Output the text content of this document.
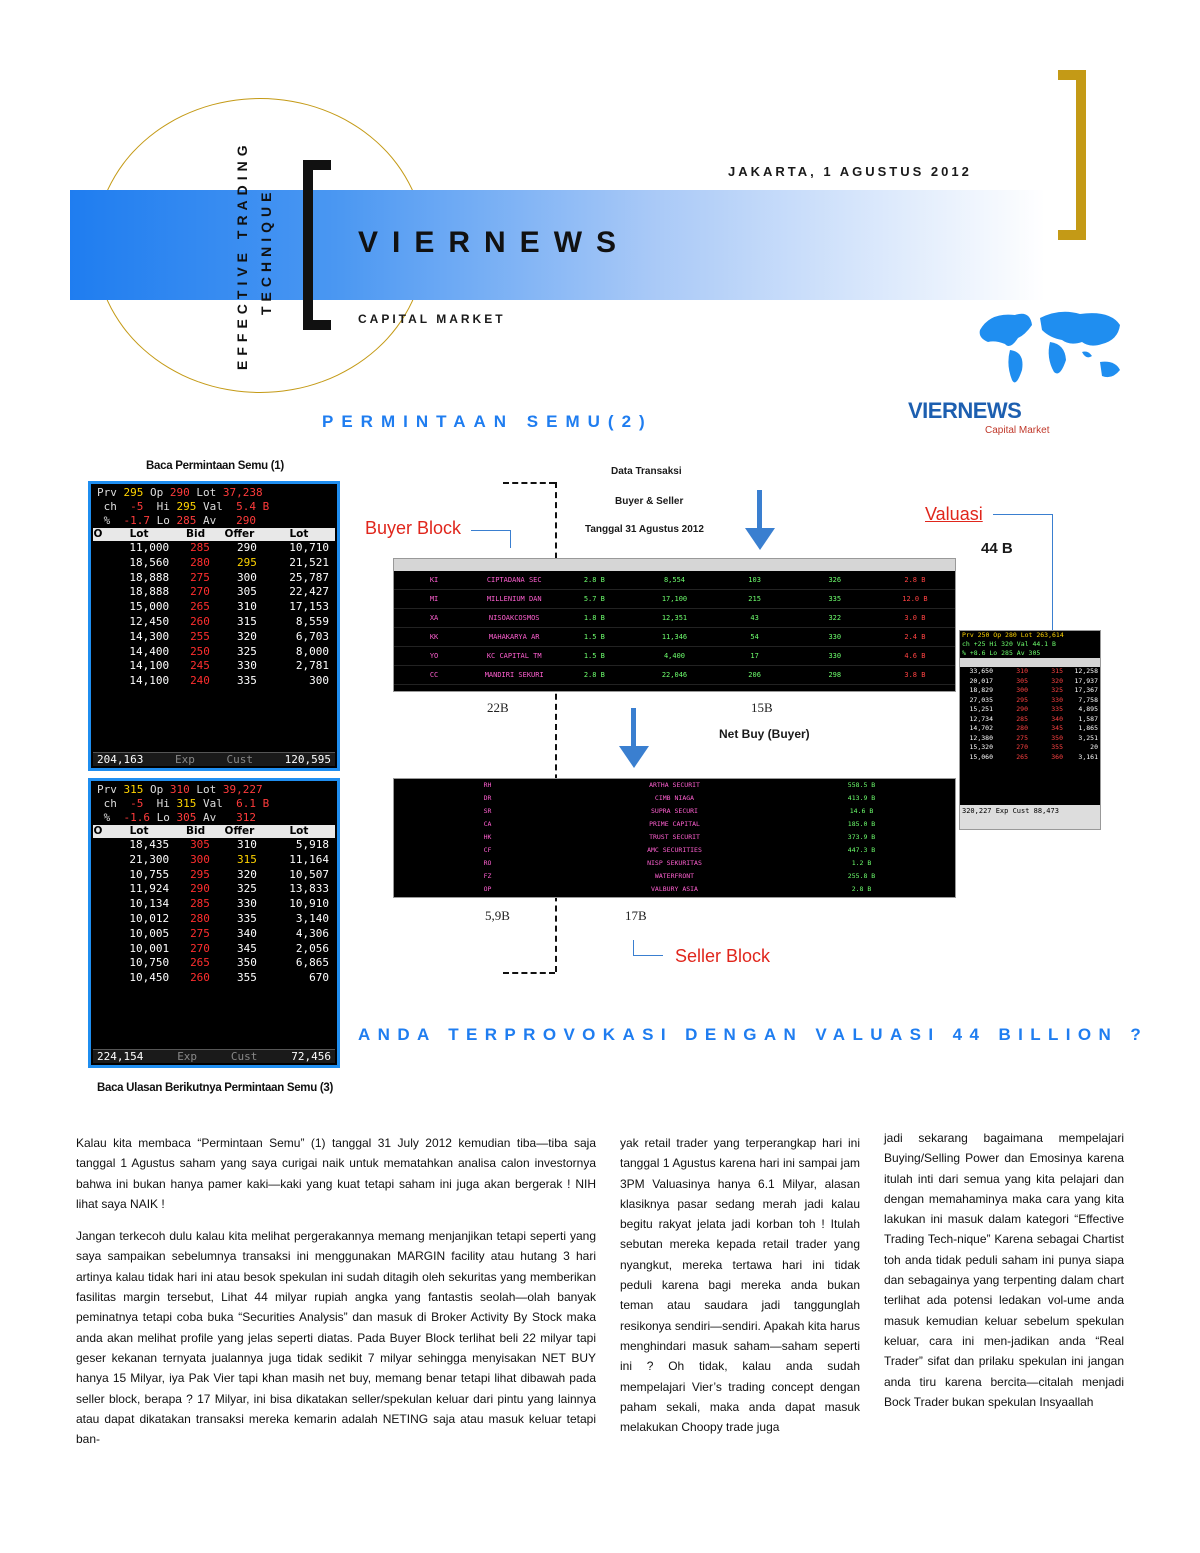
EFFECTIVE TRADING TECHNIQUE	VIERNEWS
CAPITAL MARKET
JAKARTA, 1 AGUSTUS 2012
VIERNEWS
Capital Market
PERMINTAAN SEMU(2)
ANDA TERPROVOKASI DENGAN VALUASI 44 BILLION ?
Baca Permintaan Semu (1)
Baca Ulasan Berikutnya Permintaan Semu (3)
Prv 295 Op 290 Lot 37,238
ch -5 Hi 295 Val 5.4 B
% -1.7 Lo 285 Av 290
O	Lot	Bid	Offer	Lot
	11,000	285	290	10,710
	18,560	280	295	21,521
	18,888	275	300	25,787
	18,888	270	305	22,427
	15,000	265	310	17,153
	12,450	260	315	8,559
	14,300	255	320	6,703
	14,400	250	325	8,000
	14,100	245	330	2,781
	14,100	240	335	300
204,163	Exp	Cust	120,595
Prv 315 Op 310 Lot 39,227
ch -5 Hi 315 Val 6.1 B
% -1.6 Lo 305 Av 312
O	Lot	Bid	Offer	Lot
	18,435	305	310	5,918
	21,300	300	315	11,164
	10,755	295	320	10,507
	11,924	290	325	13,833
	10,134	285	330	10,910
	10,012	280	335	3,140
	10,005	275	340	4,306
	10,001	270	345	2,056
	10,750	265	350	6,865
	10,450	260	355	670
224,154	Exp	Cust	72,456
Data Transaksi
Buyer & Seller
Tanggal 31 Agustus 2012
Buyer Block
Valuasi
44 B
KI	CIPTADANA SEC	2.8 B	8,554	103	326	2.8 B
MI	MILLENIUM DAN	5.7 B	17,100	215	335	12.0 B
XA	NISOAKCOSMOS	1.8 B	12,351	43	322	3.0 B
KK	MAHAKARYA AR	1.5 B	11,346	54	330	2.4 B
YO	KC CAPITAL TM	1.5 B	4,400	17	330	4.6 B
CC	MANDIRI SEKURI	2.8 B	22,046	206	298	3.8 B
22B	15B
Net Buy (Buyer)
RH	ARTHA SECURIT	558.5 B
DR	CIMB NIAGA	413.9 B
SR	SUPRA SECURI	14.6 B
CA	PRIME CAPITAL	185.0 B
HK	TRUST SECURIT	373.9 B
CF	AMC SECURITIES	447.3 B
RO	NISP SEKURITAS	1.2 B
FZ	WATERFRONT	255.8 B
OP	VALBURY ASIA	2.8 B
5,9B	17B
Seller Block
Prv 250 Op 280 Lot 263,614
ch +25 Hi 320 Val 44.1 B
% +8.6 Lo 285 Av 305
33,650	310	315	12,258
20,017	305	320	17,937
18,829	300	325	17,367
27,035	295	330	7,758
15,251	290	335	4,895
12,734	285	340	1,587
14,702	280	345	1,865
12,380	275	350	3,251
15,320	270	355	20
15,060	265	360	3,161
320,227 Exp Cust 88,473

Kalau kita membaca “Permintaan Semu” (1) tanggal 31 July 2012 kemudian tiba—tiba saja tanggal 1 Agustus saham yang saya curigai naik untuk mematahkan analisa calon investornya bahwa ini bukan hanya pamer kaki—kaki yang kuat tetapi saham ini juga akan bergerak ! NIH lihat saya NAIK !

Jangan terkecoh dulu kalau kita melihat pergerakannya memang menjanjikan tetapi seperti yang saya sampaikan sebelumnya transaksi ini menggunakan MARGIN facility atau hutang 3 hari artinya kalau tidak hari ini atau besok spekulan ini sudah ditagih oleh sekuritas yang memberikan fasilitas margin tersebut, Lihat 44 milyar rupiah angka yang fantastis seolah—olah banyak peminatnya tetapi coba buka “Securities Analysis” dan masuk di Broker Activity By Stock maka anda akan melihat profile yang jelas seperti diatas. Pada Buyer Block terlihat beli 22 milyar tapi geser kekanan ternyata jualannya juga tidak sedikit 7 milyar sehingga menyisakan NET BUY hanya 15 Milyar, iya Pak Vier tapi khan masih net buy, memang benar tetapi lihat dibawah pada seller block, berapa ? 17 Milyar, ini bisa dikatakan seller/spekulan keluar dari pintu yang lainnya atau dapat dikatakan transaksi mereka kemarin adalah NETING saja atau masuk keluar tetapi ban-

yak retail trader yang terperangkap hari ini tanggal 1 Agustus karena hari ini sampai jam 3PM Valuasinya hanya 6.1 Milyar, alasan klasiknya pasar sedang merah jadi kalau begitu rakyat jelata jadi korban toh ! Itulah sebutan mereka kepada retail trader yang nyangkut, mereka tertawa hari ini tidak peduli karena bagi mereka anda bukan teman atau saudara jadi tanggunglah resikonya sendiri—sendiri. Apakah kita harus menghindari masuk saham—saham seperti ini ? Oh tidak, kalau anda sudah mempelajari Vier’s trading concept dengan paham sekali, maka anda dapat masuk melakukan Choopy trade juga

jadi sekarang bagaimana mempelajari Buying/Selling Power dan Emosinya karena itulah inti dari semua yang kita pelajari dan dengan memahaminya maka cara yang kita lakukan ini masuk dalam kategori “Effective Trading Tech-nique” Karena sebagai Chartist toh anda tidak peduli saham ini punya siapa dan sebagainya yang terpenting dalam chart terlihat ada potensi ledakan vol-ume anda masuk kemudian keluar sebelum spekulan keluar, cara ini men-jadikan anda “Real Trader” sifat dan prilaku spekulan ini jangan anda tiru karena bercita—citalah menjadi Bock Trader bukan spekulan Insyaallah
